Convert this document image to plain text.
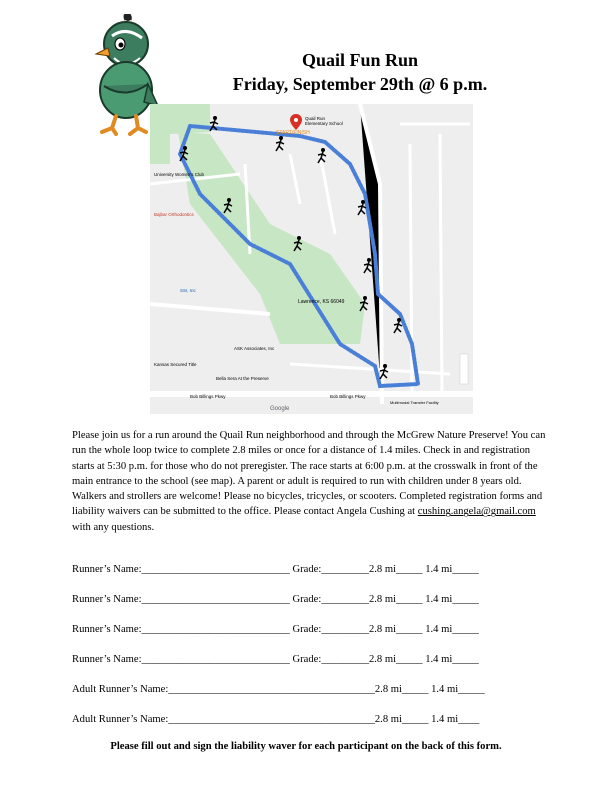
Quail Fun Run
Friday, September 29th @ 6 p.m.
Quail Run
Elementary School
START/FINISH
University Women's Club
Bajbar Orthodontics
SSI, Inc
Lawrence, KS 66049
ASK Associates, Inc
Kansas Secured Title
Bella Sera At the Preserve
Bob Billings Pkwy	Bob Billings Pkwy
Multimodal Transfer Facility
Google
Please join us for a run around the Quail Run neighborhood and through the McGrew Nature Preserve! You can run the whole loop twice to complete 2.8 miles or once for a distance of 1.4 miles. Check in and registration starts at 5:30 p.m. for those who do not preregister. The race starts at 6:00 p.m. at the crosswalk in front of the main entrance to the school (see map). A parent or adult is required to run with children under 8 years old. Walkers and strollers are welcome! Please no bicycles, tricycles, or scooters. Completed registration forms and liability waivers can be submitted to the office. Please contact Angela Cushing at cushing.angela@gmail.com with any questions.
Runner’s Name:____________________________ Grade:_________2.8 mi_____ 1.4 mi_____
Runner’s Name:____________________________ Grade:_________2.8 mi_____ 1.4 mi_____
Runner’s Name:____________________________ Grade:_________2.8 mi_____ 1.4 mi_____
Runner’s Name:____________________________ Grade:_________2.8 mi_____ 1.4 mi_____
Adult Runner’s Name:_______________________________________2.8 mi_____ 1.4 mi_____
Adult Runner’s Name:_______________________________________2.8 mi_____ 1.4 mi____
Please fill out and sign the liability waver for each participant on the back of this form.
